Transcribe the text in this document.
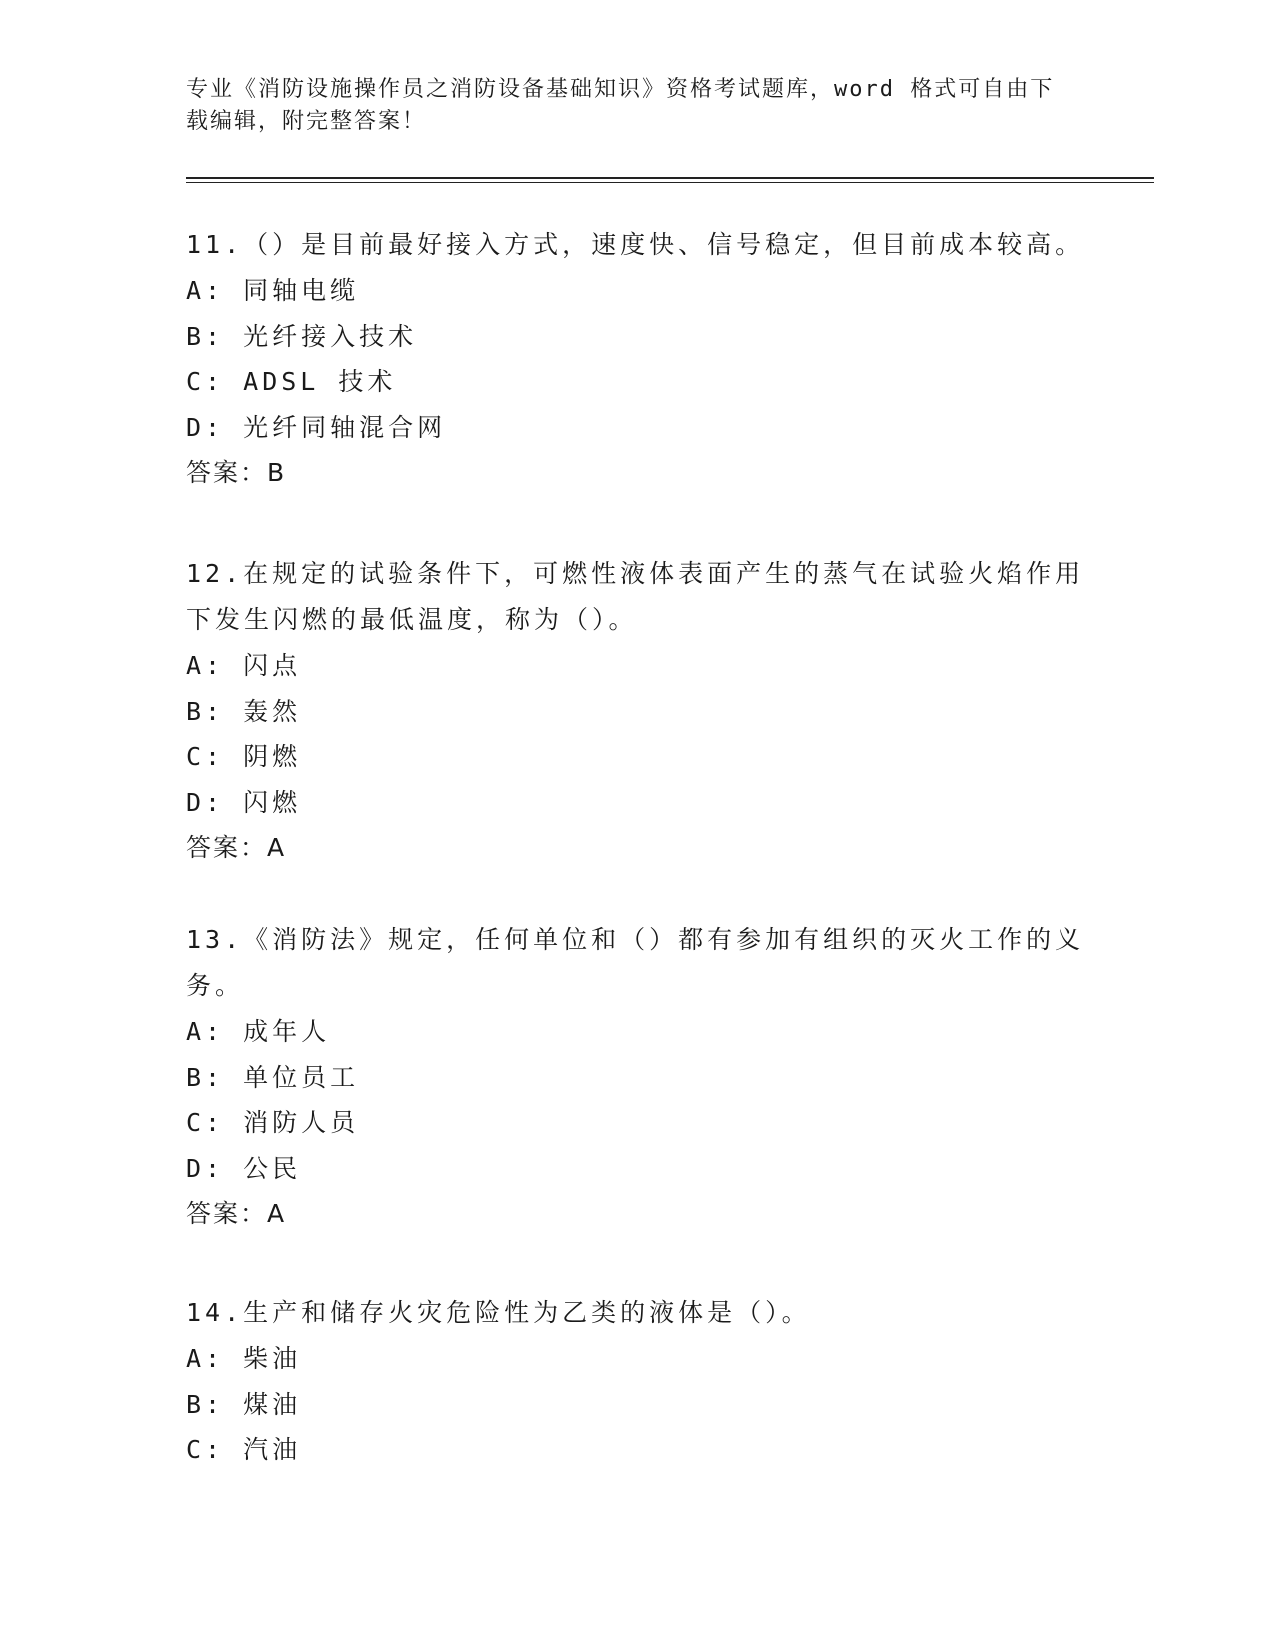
专业《消防设施操作员之消防设备基础知识》资格考试题库，word 格式可自由下载编辑，附完整答案！
11.（）是目前最好接入方式，速度快、信号稳定，但目前成本较高。
A: 同轴电缆
B: 光纤接入技术
C: ADSL 技术
D: 光纤同轴混合网
答案：B
12.在规定的试验条件下，可燃性液体表面产生的蒸气在试验火焰作用下发生闪燃的最低温度，称为（）。
A: 闪点
B: 轰然
C: 阴燃
D: 闪燃
答案：A
13.《消防法》规定，任何单位和（）都有参加有组织的灭火工作的义务。
A: 成年人
B: 单位员工
C: 消防人员
D: 公民
答案：A
14.生产和储存火灾危险性为乙类的液体是（）。
A: 柴油
B: 煤油
C: 汽油
